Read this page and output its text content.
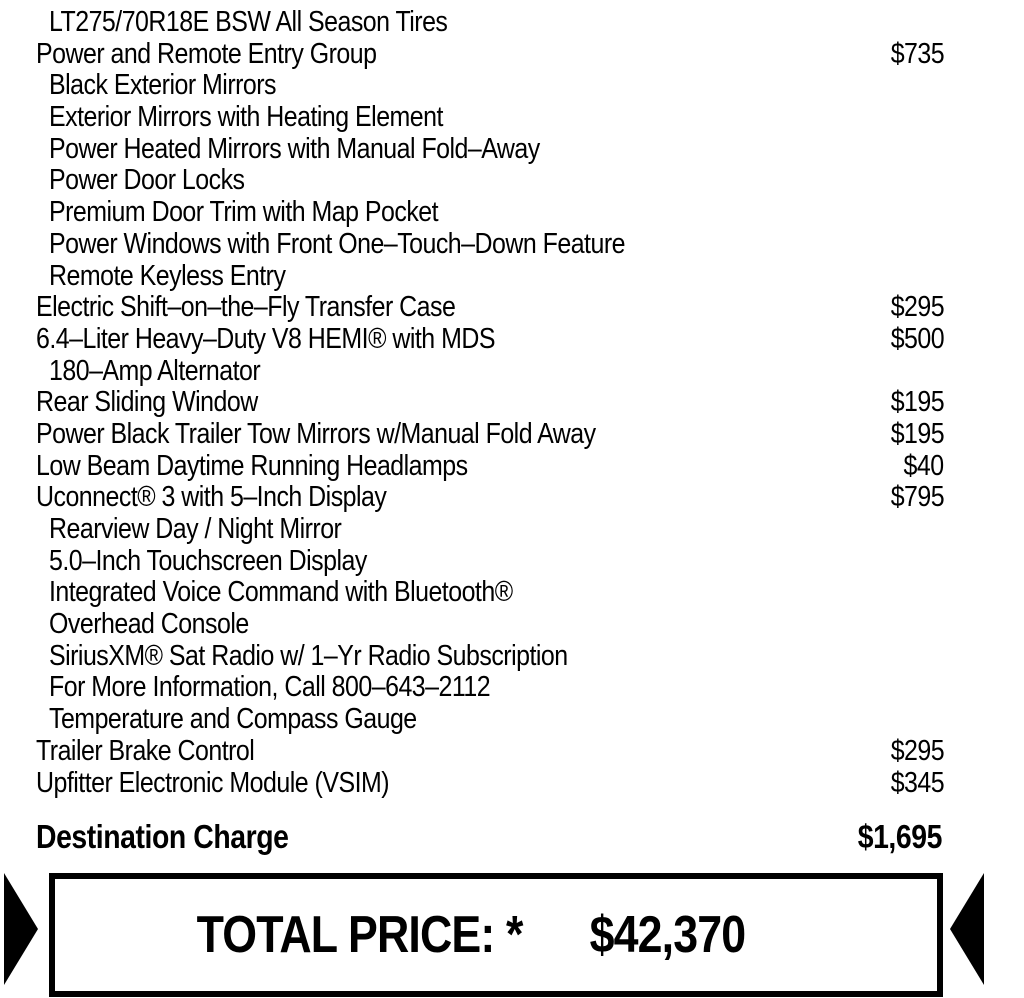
LT275/70R18E BSW All Season Tires
Power and Remote Entry Group	$735
Black Exterior Mirrors
Exterior Mirrors with Heating Element
Power Heated Mirrors with Manual Fold–Away
Power Door Locks
Premium Door Trim with Map Pocket
Power Windows with Front One–Touch–Down Feature
Remote Keyless Entry
Electric Shift–on–the–Fly Transfer Case	$295
6.4–Liter Heavy–Duty V8 HEMI® with MDS	$500
180–Amp Alternator
Rear Sliding Window	$195
Power Black Trailer Tow Mirrors w/Manual Fold Away	$195
Low Beam Daytime Running Headlamps	$40
Uconnect® 3 with 5–Inch Display	$795
Rearview Day / Night Mirror
5.0–Inch Touchscreen Display
Integrated Voice Command with Bluetooth®
Overhead Console
SiriusXM® Sat Radio w/ 1–Yr Radio Subscription
For More Information, Call 800–643–2112
Temperature and Compass Gauge
Trailer Brake Control	$295
Upfitter Electronic Module (VSIM)	$345
Destination Charge	$1,695
TOTAL PRICE: * $42,370
